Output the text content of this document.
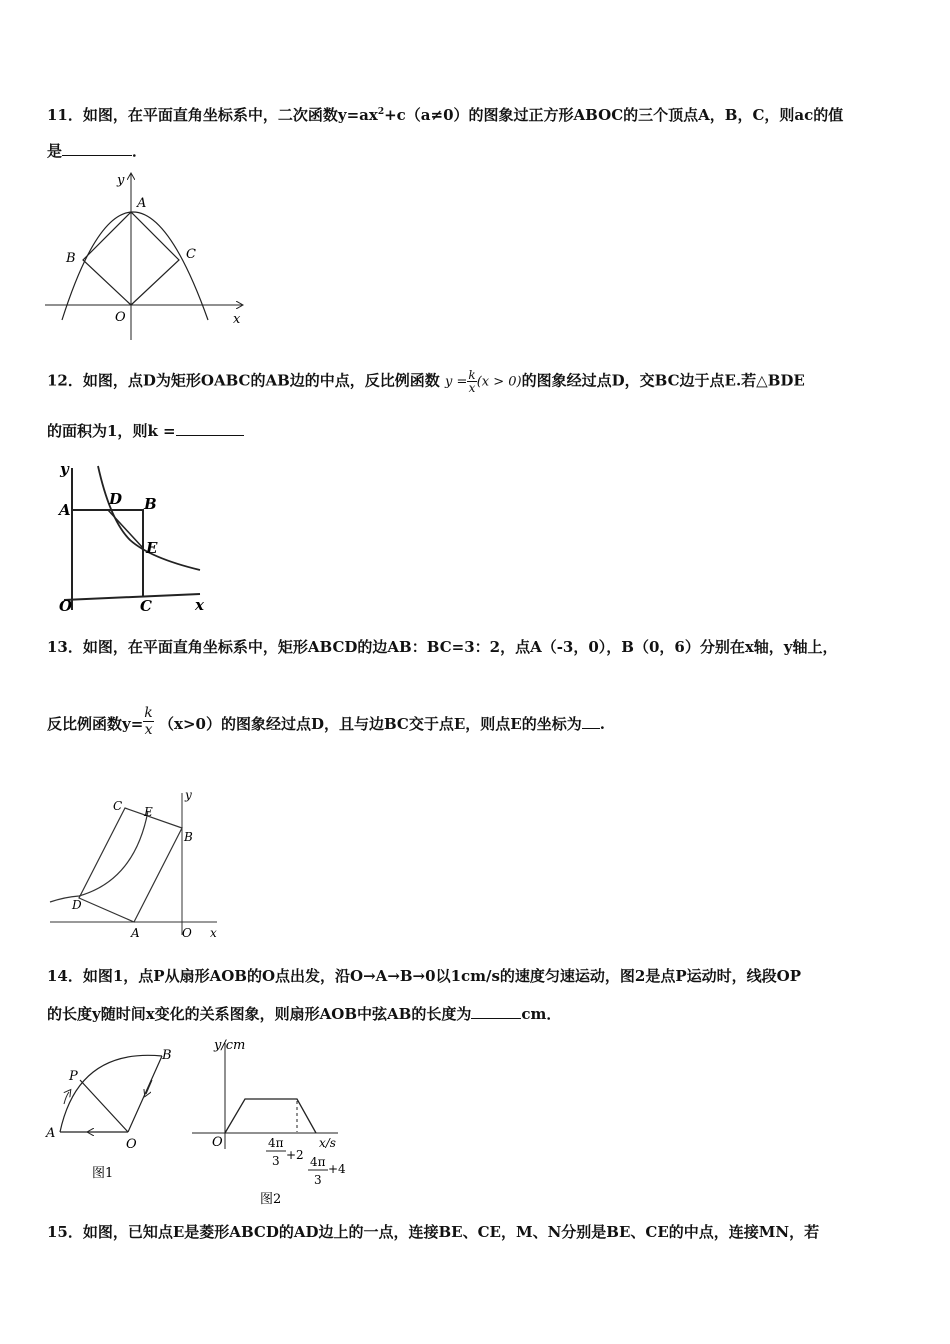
11．如图，在平面直角坐标系中，二次函数$y=ax^2+c(a\ne 0)$的图象过正方形ABOC的三个顶点A，B，C，则ac的值
是	．
y
x
O
A
B	C
12．如图，点D为矩形OABC的AB边的中点，反比例函数 $y = \frac{k}{x} (x > 0)$的图象经过点D，交BC边于点E.若△BDE
的面积为1，则k =
y
x
O
A	B
C
D
E
13．如图，在平面直角坐标系中，矩形ABCD的边AB：BC=3：2，点A（-3，0），B（0，6）分别在x轴，y轴上，
反比例函数$y= \frac{k}{x} (x>0)$的图象经过点D，且与边BC交于点E，则点E的坐标为 .
y
x
O
A
B
C
D
E
14．如图1，点P从扇形AOB的O点出发，沿O→A→B→0以1cm/s的速度匀速运动，图2是点P运动时，线段OP
的长度y随时间x变化的关系图象，则扇形AOB中弦AB的长度为	cm．
A
B
O
P
图1
y/cm
x/s
O	4π
3 +2 4π
3
+4
图2
15．如图，已知点E是菱形ABCD的AD边上的一点，连接BE、CE，M、N分别是BE、CE的中点，连接MN，若
